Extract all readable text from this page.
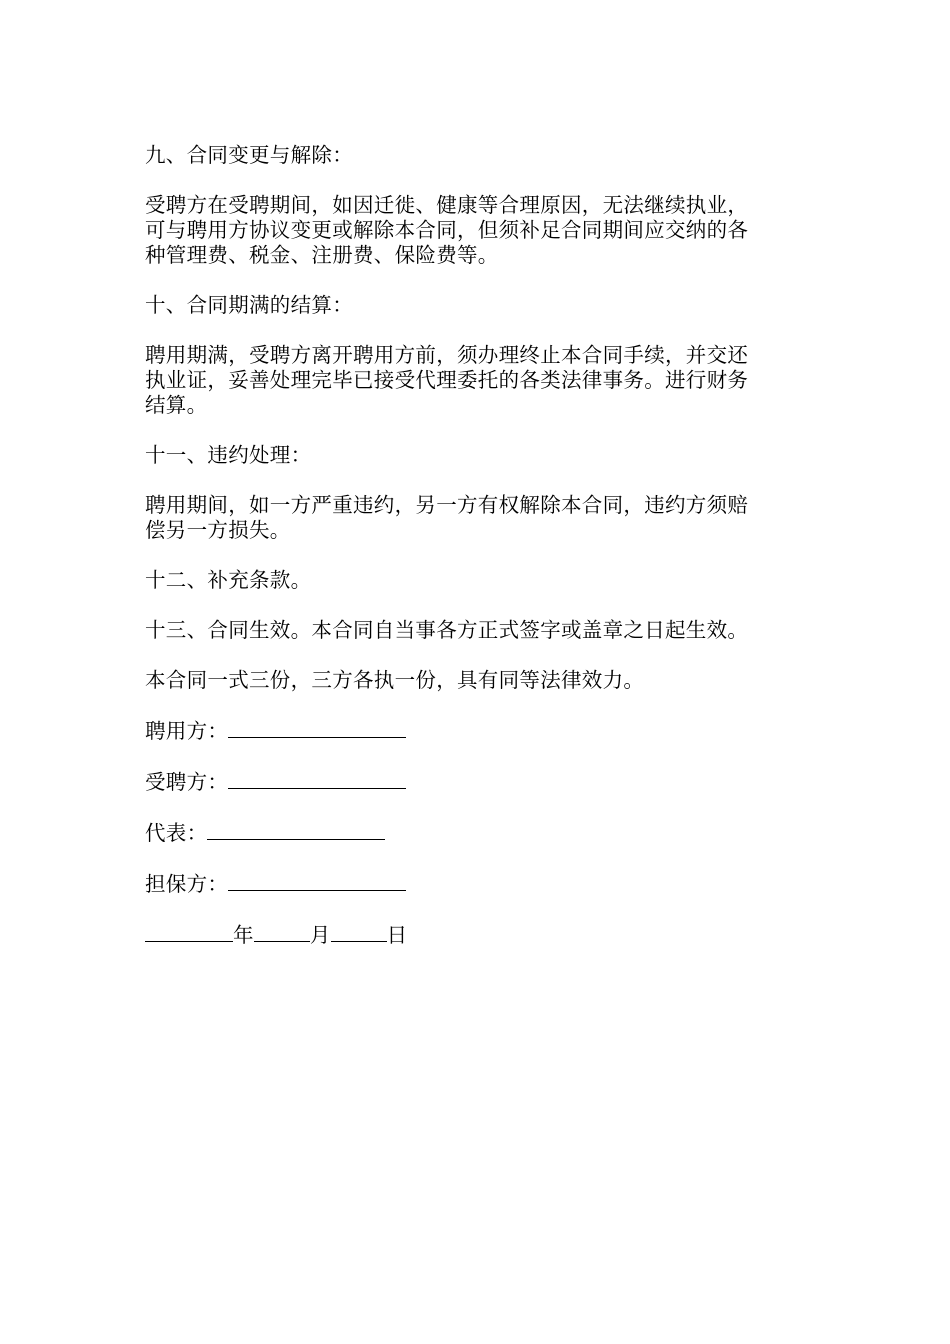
九、合同变更与解除：
受聘方在受聘期间，如因迁徙、健康等合理原因，无法继续执业，
可与聘用方协议变更或解除本合同，但须补足合同期间应交纳的各
种管理费、税金、注册费、保险费等。
十、合同期满的结算：
聘用期满，受聘方离开聘用方前，须办理终止本合同手续，并交还
执业证，妥善处理完毕已接受代理委托的各类法律事务。进行财务
结算。
十一、违约处理：
聘用期间，如一方严重违约，另一方有权解除本合同，违约方须赔
偿另一方损失。
十二、补充条款。
十三、合同生效。本合同自当事各方正式签字或盖章之日起生效。
本合同一式三份，三方各执一份，具有同等法律效力。
聘用方：
受聘方：
代表：
担保方：
年	月	日
